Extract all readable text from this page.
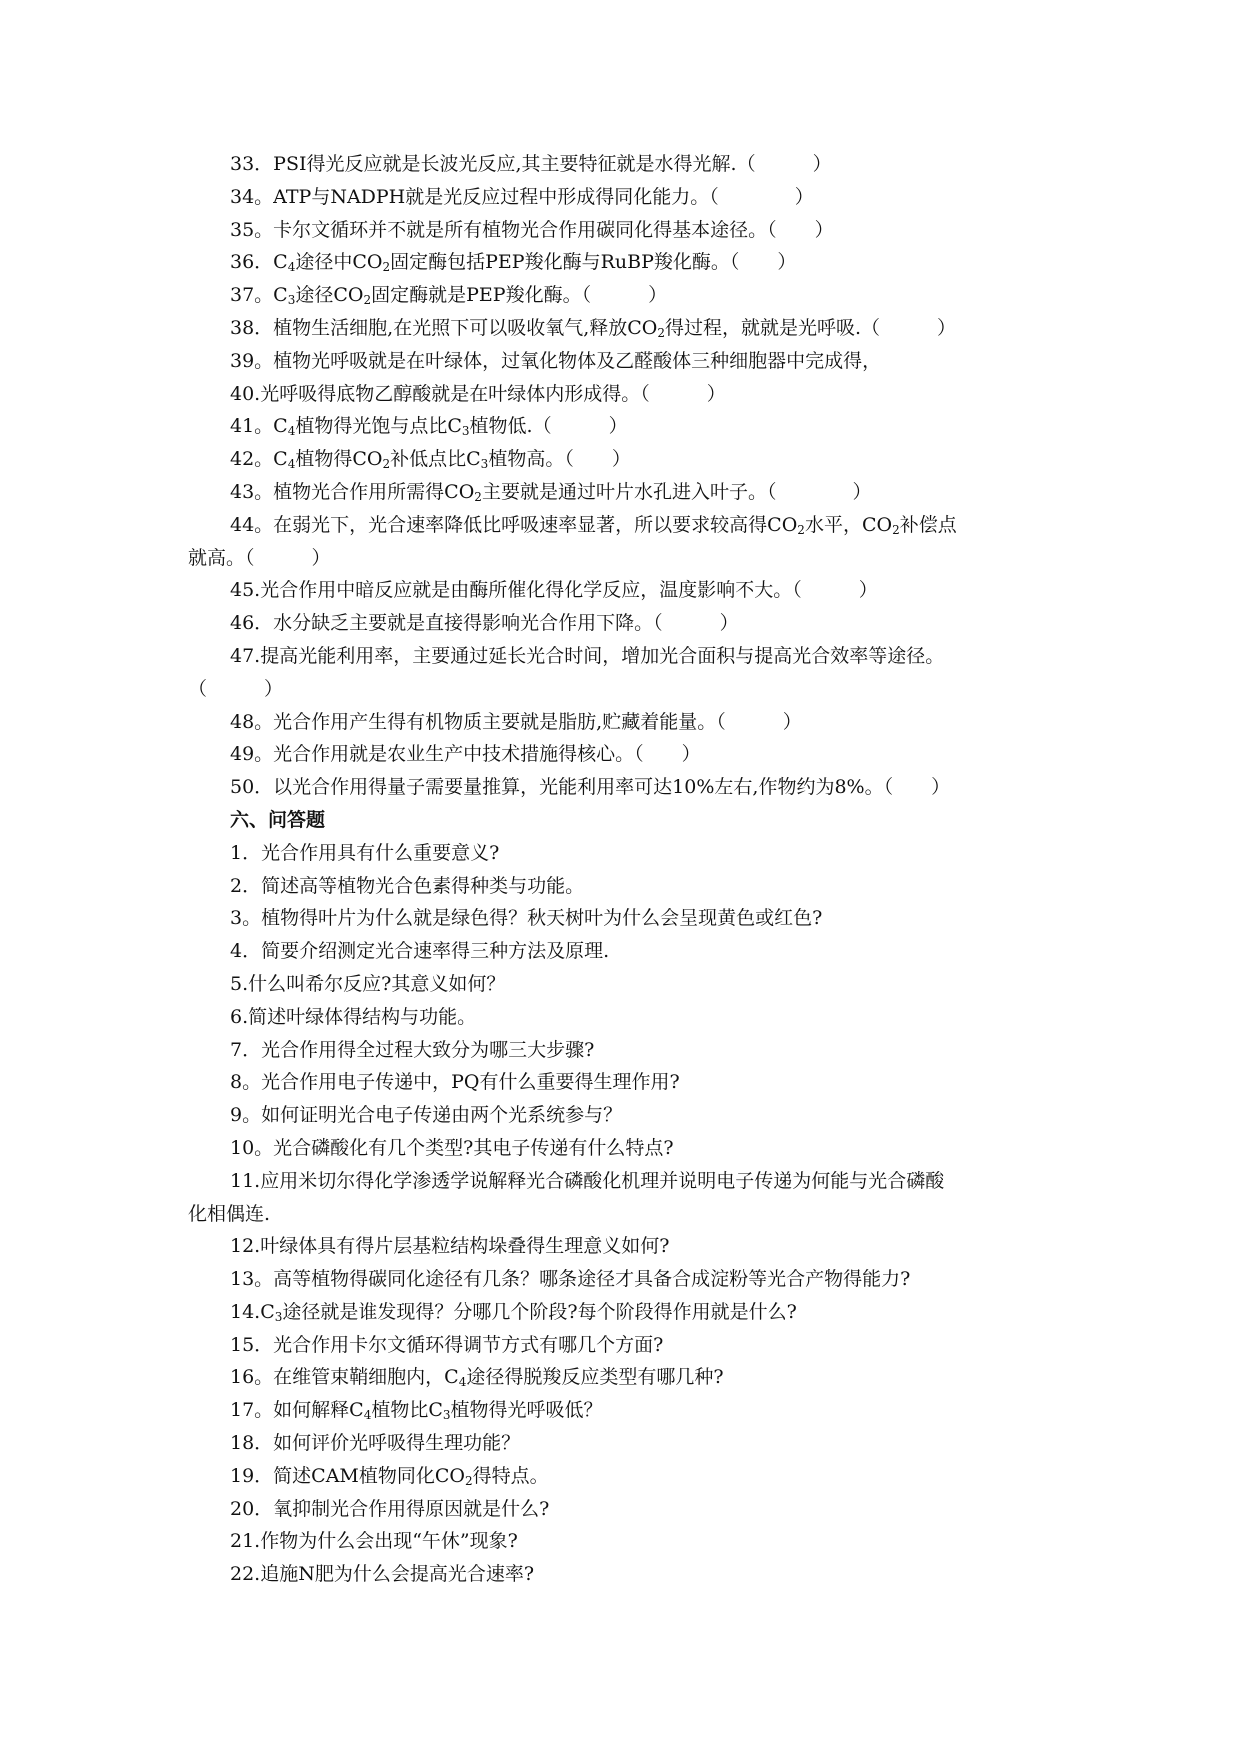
33．PSI得光反应就是长波光反应,其主要特征就是水得光解.（　　　）

34。ATP与NADPH就是光反应过程中形成得同化能力。（　　　　）

35。卡尔文循环并不就是所有植物光合作用碳同化得基本途径。（　　）

36．$C_4$途径中$CO_2$固定酶包括PEP羧化酶与RuBP羧化酶。（　　）

37。$C_3$途径$CO_2$固定酶就是PEP羧化酶。（　　　）

38．植物生活细胞,在光照下可以吸收氧气,释放$CO_2$得过程，就就是光呼吸.（　　　）

39。植物光呼吸就是在叶绿体，过氧化物体及乙醛酸体三种细胞器中完成得，

40.光呼吸得底物乙醇酸就是在叶绿体内形成得。（　　　）

41。$C_4$植物得光饱与点比$C_3$植物低.（　　　）

42。$C_4$植物得$CO_2$补低点比$C_3$植物高。（　　）

43。植物光合作用所需得$CO_2$主要就是通过叶片水孔进入叶子。（　　　　）

44。在弱光下，光合速率降低比呼吸速率显著，所以要求较高得$CO_2$水平，$CO_2$补偿点

就高。（　　　）

45.光合作用中暗反应就是由酶所催化得化学反应，温度影响不大。（　　　）

46．水分缺乏主要就是直接得影响光合作用下降。（　　　）

47.提高光能利用率，主要通过延长光合时间，增加光合面积与提高光合效率等途径。

（　　　）

48。光合作用产生得有机物质主要就是脂肪,贮藏着能量。（　　　）

49。光合作用就是农业生产中技术措施得核心。（　　）

50．以光合作用得量子需要量推算，光能利用率可达10%左右,作物约为8%。（　　）

六、问答题

1．光合作用具有什么重要意义?

2．简述高等植物光合色素得种类与功能。

3。植物得叶片为什么就是绿色得？秋天树叶为什么会呈现黄色或红色?

4．简要介绍测定光合速率得三种方法及原理.

5.什么叫希尔反应?其意义如何？

6.简述叶绿体得结构与功能。

7．光合作用得全过程大致分为哪三大步骤?

8。光合作用电子传递中，PQ有什么重要得生理作用?

9。如何证明光合电子传递由两个光系统参与？

10。光合磷酸化有几个类型?其电子传递有什么特点?

11.应用米切尔得化学渗透学说解释光合磷酸化机理并说明电子传递为何能与光合磷酸

化相偶连.

12.叶绿体具有得片层基粒结构垛叠得生理意义如何?

13。高等植物得碳同化途径有几条？哪条途径才具备合成淀粉等光合产物得能力?

$14.C_3$途径就是谁发现得？分哪几个阶段?每个阶段得作用就是什么?

15．光合作用卡尔文循环得调节方式有哪几个方面?

16。在维管束鞘细胞内，$C_4$途径得脱羧反应类型有哪几种?

17。如何解释$C_4$植物比$C_3$植物得光呼吸低？

18．如何评价光呼吸得生理功能？

19．简述CAM植物同化$CO_2$得特点。

20．氧抑制光合作用得原因就是什么?

21.作物为什么会出现“午休”现象?

22.追施N肥为什么会提高光合速率?
